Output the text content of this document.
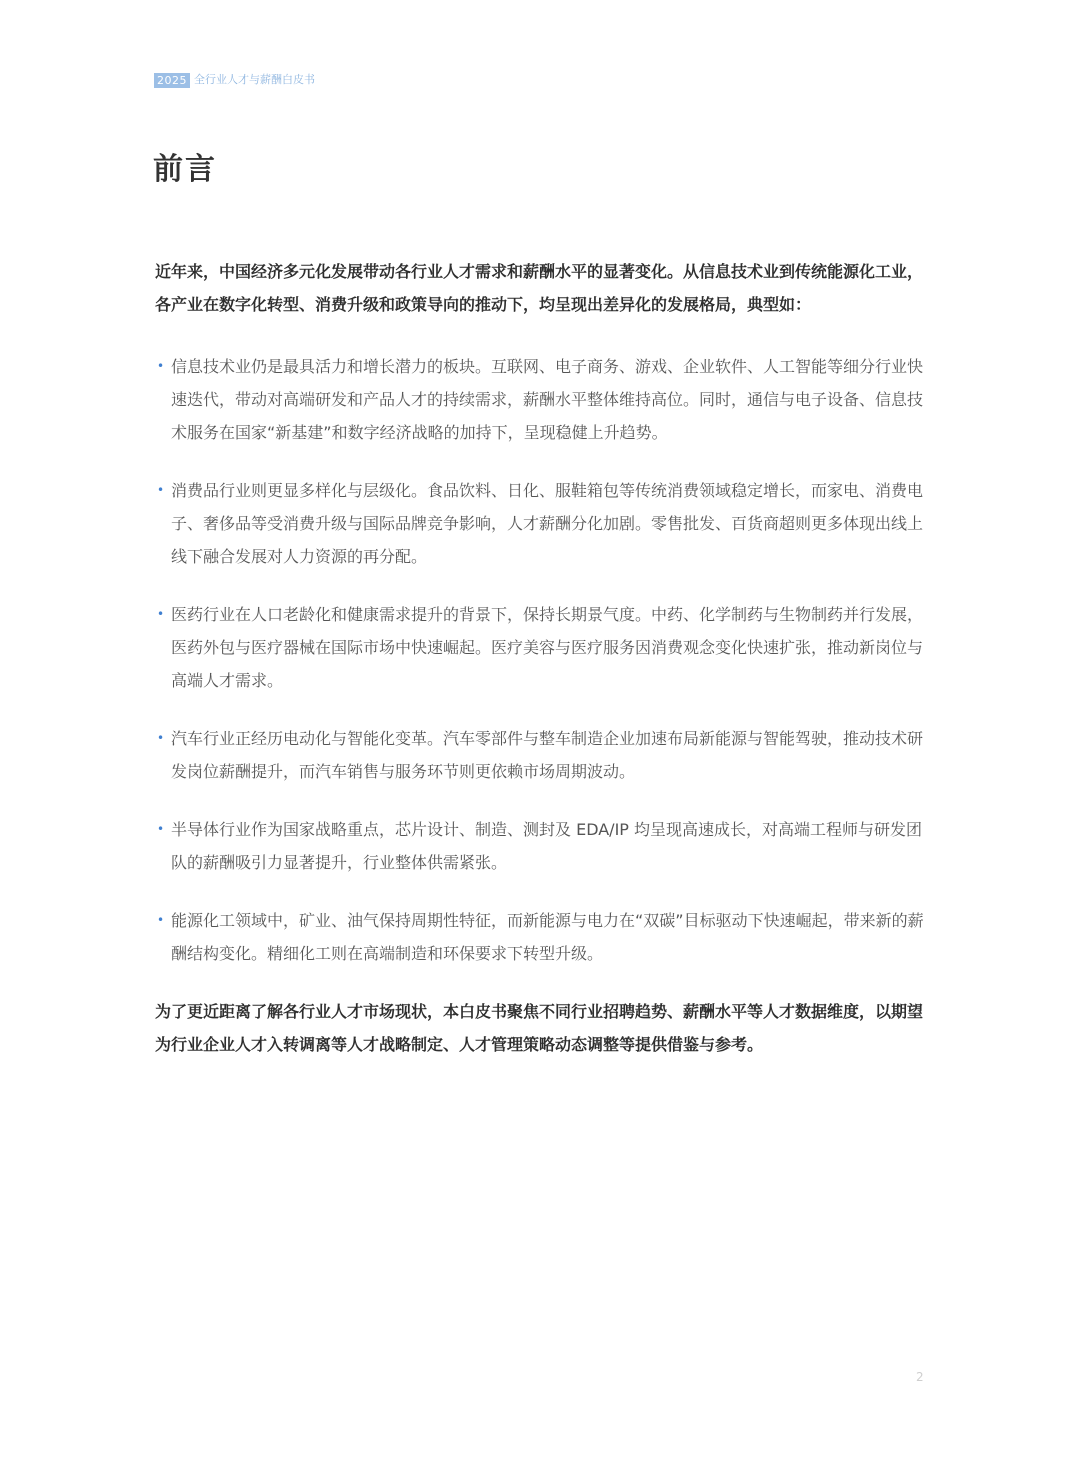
2025 全行业人才与薪酬白皮书
前言

近年来，中国经济多元化发展带动各行业人才需求和薪酬水平的显著变化。从信息技术业到传统能源化工业，各产业在数字化转型、消费升级和政策导向的推动下，均呈现出差异化的发展格局，典型如：

• 信息技术业仍是最具活力和增长潜力的板块。互联网、电子商务、游戏、企业软件、人工智能等细分行业快速迭代，带动对高端研发和产品人才的持续需求，薪酬水平整体维持高位。同时，通信与电子设备、信息技术服务在国家“新基建”和数字经济战略的加持下，呈现稳健上升趋势。
• 消费品行业则更显多样化与层级化。食品饮料、日化、服鞋箱包等传统消费领域稳定增长，而家电、消费电子、奢侈品等受消费升级与国际品牌竞争影响，人才薪酬分化加剧。零售批发、百货商超则更多体现出线上线下融合发展对人力资源的再分配。
• 医药行业在人口老龄化和健康需求提升的背景下，保持长期景气度。中药、化学制药与生物制药并行发展，医药外包与医疗器械在国际市场中快速崛起。医疗美容与医疗服务因消费观念变化快速扩张，推动新岗位与高端人才需求。
• 汽车行业正经历电动化与智能化变革。汽车零部件与整车制造企业加速布局新能源与智能驾驶，推动技术研发岗位薪酬提升，而汽车销售与服务环节则更依赖市场周期波动。
• 半导体行业作为国家战略重点，芯片设计、制造、测封及 EDA/IP 均呈现高速成长，对高端工程师与研发团队的薪酬吸引力显著提升，行业整体供需紧张。
• 能源化工领域中，矿业、油气保持周期性特征，而新能源与电力在“双碳”目标驱动下快速崛起，带来新的薪酬结构变化。精细化工则在高端制造和环保要求下转型升级。

为了更近距离了解各行业人才市场现状，本白皮书聚焦不同行业招聘趋势、薪酬水平等人才数据维度，以期望为行业企业人才入转调离等人才战略制定、人才管理策略动态调整等提供借鉴与参考。

2
